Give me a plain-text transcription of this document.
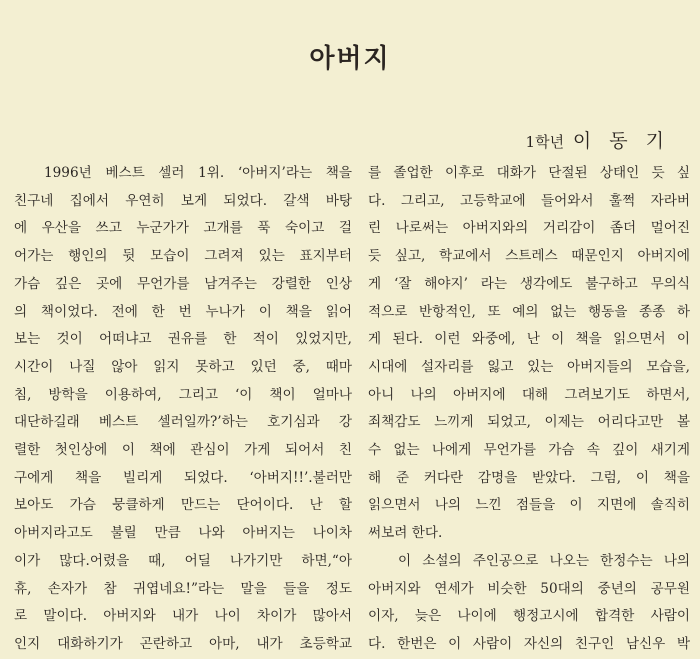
아버지
1학년 이 동 기
1996년 베스트 셀러 1위. ‘아버지’라는 책을
친구네 집에서 우연히 보게 되었다. 갈색 바탕
에 우산을 쓰고 누군가가 고개를 푹 숙이고 걸
어가는 행인의 뒷 모습이 그려져 있는 표지부터
가슴 깊은 곳에 무언가를 남겨주는 강렬한 인상
의 책이었다. 전에 한 번 누나가 이 책을 읽어
보는 것이 어떠냐고 권유를 한 적이 있었지만,
시간이 나질 않아 읽지 못하고 있던 중, 때마
침, 방학을 이용하여, 그리고 ‘이 책이 얼마나
대단하길래 베스트 셀러일까?’하는 호기심과 강
렬한 첫인상에 이 책에 관심이 가게 되어서 친
구에게 책을 빌리게 되었다. ‘아버지!!’.불러만
보아도 가슴 뭉클하게 만드는 단어이다. 난 할
아버지라고도 불릴 만큼 나와 아버지는 나이차
이가 많다.어렸을 때, 어딜 나가기만 하면,“아
휴, 손자가 참 귀엽네요!”라는 말을 들을 정도
로 말이다. 아버지와 내가 나이 차이가 많아서
인지 대화하기가 곤란하고 아마, 내가 초등학교
를 졸업한 이후로 대화가 단절된 상태인 듯 싶
다. 그리고, 고등학교에 들어와서 훌쩍 자라버
린 나로써는 아버지와의 거리감이 좀더 멀어진
듯 싶고, 학교에서 스트레스 때문인지 아버지에
게 ‘잘 해야지’ 라는 생각에도 불구하고 무의식
적으로 반항적인, 또 예의 없는 행동을 종종 하
게 된다. 이런 와중에, 난 이 책을 읽으면서 이
시대에 설자리를 잃고 있는 아버지들의 모습을,
아니 나의 아버지에 대해 그려보기도 하면서,
죄책감도 느끼게 되었고, 이제는 어리다고만 볼
수 없는 나에게 무언가를 가슴 속 깊이 새기게
해 준 커다란 감명을 받았다. 그럼, 이 책을
읽으면서 나의 느낀 점들을 이 지면에 솔직히
써보려 한다.
이 소설의 주인공으로 나오는 한정수는 나의
아버지와 연세가 비슷한 50대의 중년의 공무원
이자, 늦은 나이에 행정고시에 합격한 사람이
다. 한번은 이 사람이 자신의 친구인 남신우 박
